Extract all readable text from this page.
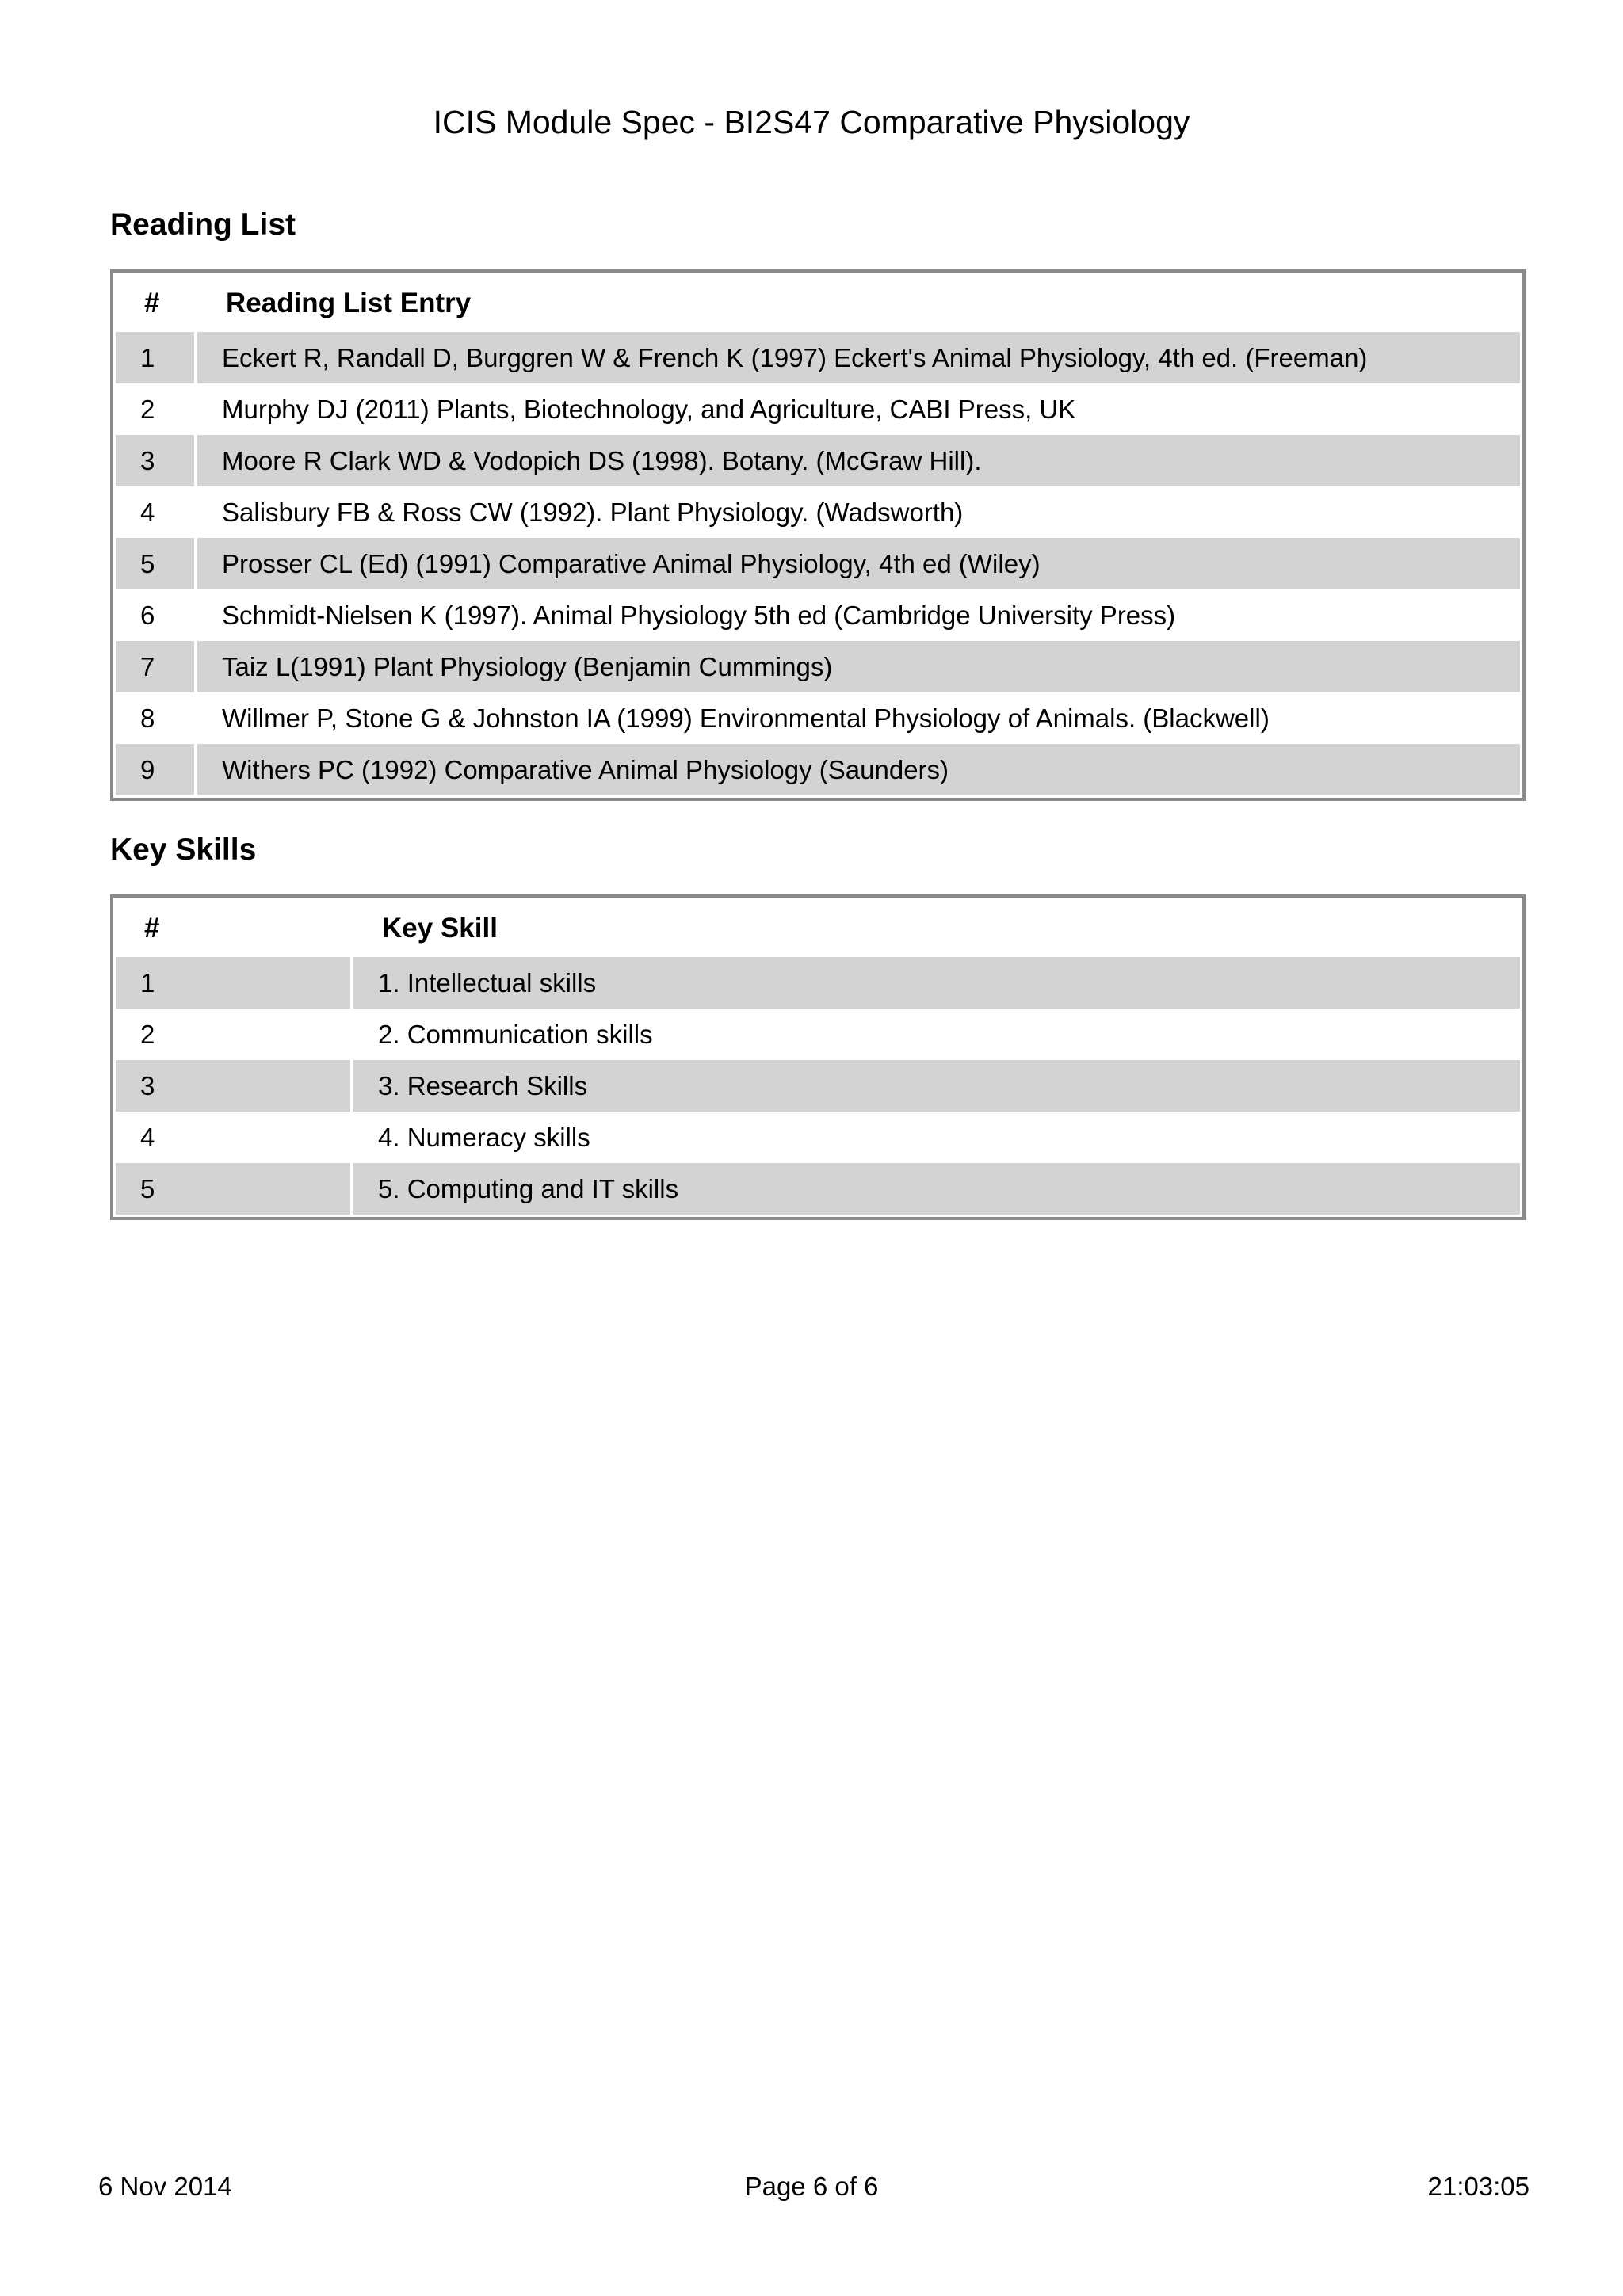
ICIS Module Spec - BI2S47 Comparative Physiology
Reading List
#	Reading List Entry
1	Eckert R, Randall D, Burggren W & French K (1997) Eckert's Animal Physiology, 4th ed. (Freeman)
2	Murphy DJ (2011) Plants, Biotechnology, and Agriculture, CABI Press, UK
3	Moore R Clark WD & Vodopich DS (1998). Botany. (McGraw Hill).
4	Salisbury FB & Ross CW (1992). Plant Physiology. (Wadsworth)
5	Prosser CL (Ed) (1991) Comparative Animal Physiology, 4th ed (Wiley)
6	Schmidt-Nielsen K (1997). Animal Physiology 5th ed (Cambridge University Press)
7	Taiz L(1991) Plant Physiology (Benjamin Cummings)
8	Willmer P, Stone G & Johnston IA (1999) Environmental Physiology of Animals. (Blackwell)
9	Withers PC (1992) Comparative Animal Physiology (Saunders)
Key Skills
#	Key Skill
1	1. Intellectual skills
2	2. Communication skills
3	3. Research Skills
4	4. Numeracy skills
5	5. Computing and IT skills
6 Nov 2014	Page 6 of 6	21:03:05
